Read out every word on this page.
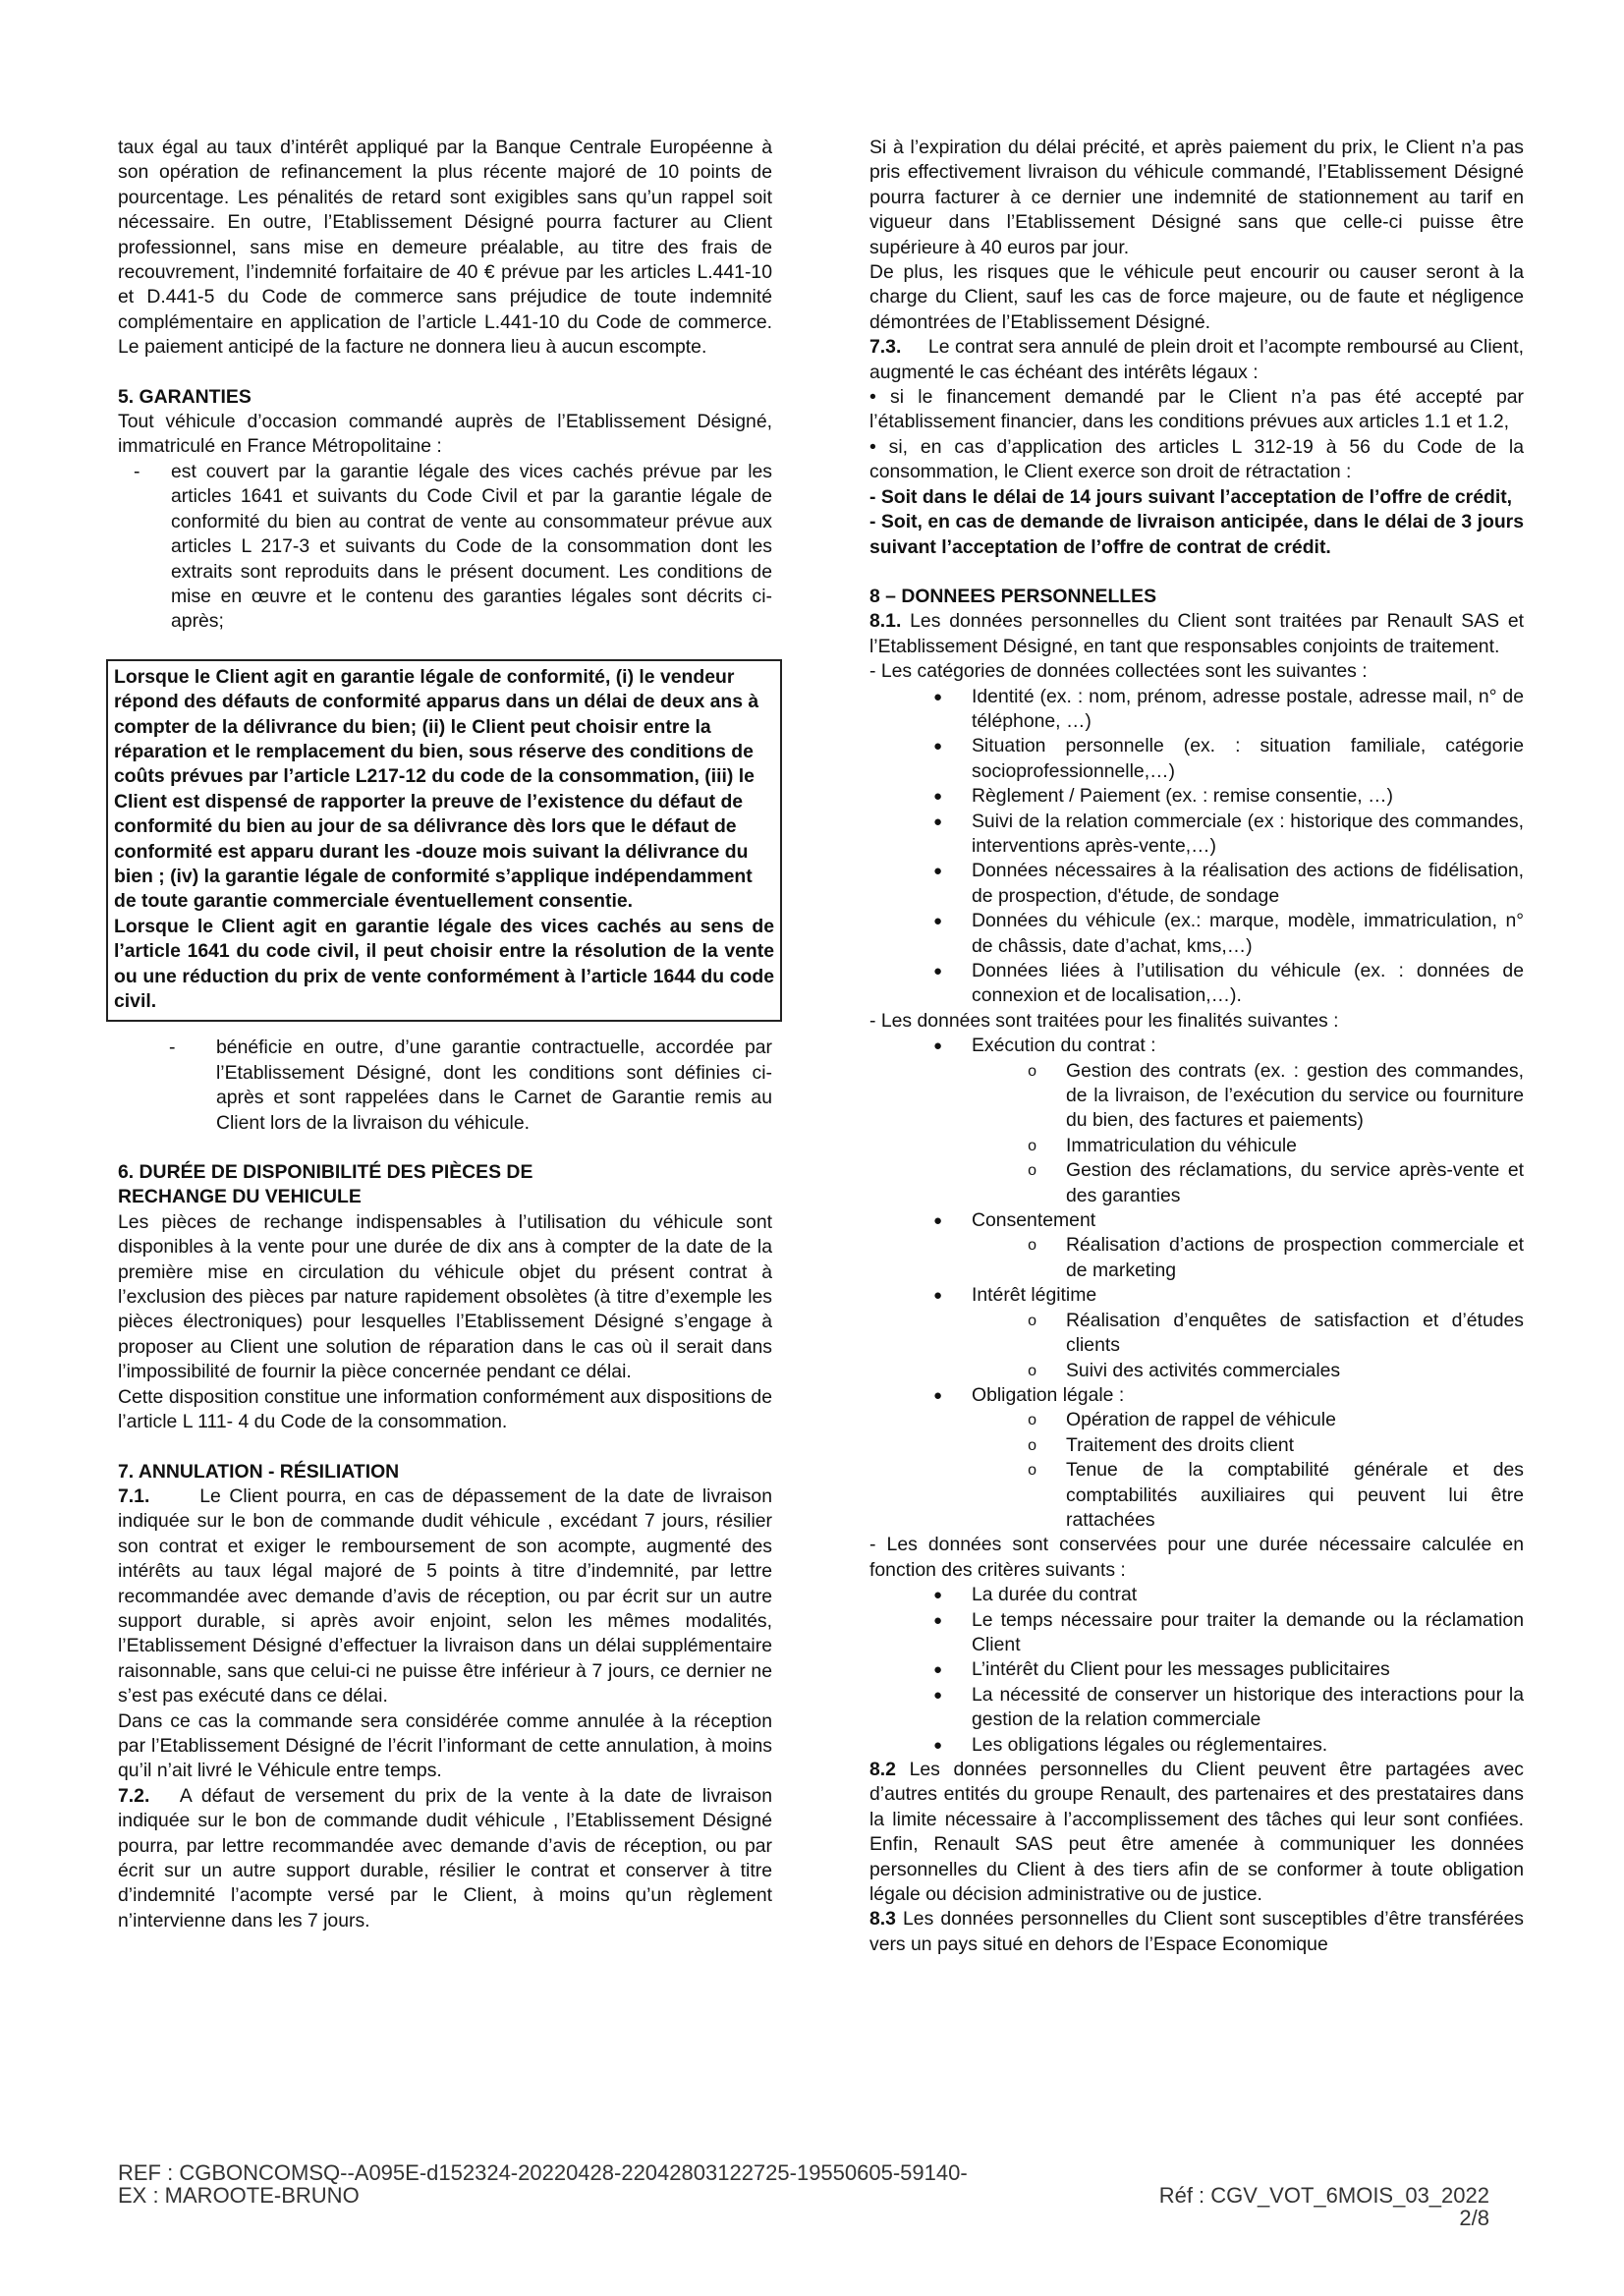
taux égal au taux d’intérêt appliqué par la Banque Centrale Européenne à son opération de refinancement la plus récente majoré de 10 points de pourcentage. Les pénalités de retard sont exigibles sans qu’un rappel soit nécessaire. En outre, l’Etablissement Désigné pourra facturer au Client professionnel, sans mise en demeure préalable, au titre des frais de recouvrement, l’indemnité forfaitaire de 40 € prévue par les articles L.441-10 et D.441-5 du Code de commerce sans préjudice de toute indemnité complémentaire en application de l’article L.441-10 du Code de commerce. Le paiement anticipé de la facture ne donnera lieu à aucun escompte.

5. GARANTIES

Tout véhicule d’occasion commandé auprès de l’Etablissement Désigné, immatriculé en France Métropolitaine :

-	est couvert par la garantie légale des vices cachés prévue par les articles 1641 et suivants du Code Civil et par la garantie légale de conformité du bien au contrat de vente au consommateur prévue aux articles L 217-3 et suivants du Code de la consommation dont les extraits sont reproduits dans le présent document. Les conditions de mise en œuvre et le contenu des garanties légales sont décrits ci-après;

Lorsque le Client agit en garantie légale de conformité, (i) le vendeur répond des défauts de conformité apparus dans un délai de deux ans à compter de la délivrance du bien; (ii) le Client peut choisir entre la réparation et le remplacement du bien, sous réserve des conditions de coûts prévues par l’article L217-12 du code de la consommation, (iii) le Client est dispensé de rapporter la preuve de l’existence du défaut de conformité du bien au jour de sa délivrance dès lors que le défaut de conformité est apparu durant les -douze mois suivant la délivrance du bien ; (iv) la garantie légale de conformité s’applique indépendamment de toute garantie commerciale éventuellement consentie.

Lorsque le Client agit en garantie légale des vices cachés au sens de l’article 1641 du code civil, il peut choisir entre la résolution de la vente ou une réduction du prix de vente conformément à l’article 1644 du code civil.

-	bénéficie en outre, d’une garantie contractuelle, accordée par l’Etablissement Désigné, dont les conditions sont définies ci-après et sont rappelées dans le Carnet de Garantie remis au Client lors de la livraison du véhicule.

6. DURÉE DE DISPONIBILITÉ DES PIÈCES DE

RECHANGE DU VEHICULE

Les pièces de rechange indispensables à l’utilisation du véhicule sont disponibles à la vente pour une durée de dix ans à compter de la date de la première mise en circulation du véhicule objet du présent contrat à l’exclusion des pièces par nature rapidement obsolètes (à titre d’exemple les pièces électroniques) pour lesquelles l’Etablissement Désigné s’engage à proposer au Client une solution de réparation dans le cas où il serait dans l’impossibilité de fournir la pièce concernée pendant ce délai.

Cette disposition constitue une information conformément aux dispositions de l’article L 111- 4 du Code de la consommation.

7. ANNULATION - RÉSILIATION

7.1.	Le Client pourra, en cas de dépassement de la date de livraison indiquée sur le bon de commande dudit véhicule , excédant 7 jours, résilier son contrat et exiger le remboursement de son acompte, augmenté des intérêts au taux légal majoré de 5 points à titre d’indemnité, par lettre recommandée avec demande d’avis de réception, ou par écrit sur un autre support durable, si après avoir enjoint, selon les mêmes modalités, l’Etablissement Désigné d’effectuer la livraison dans un délai supplémentaire raisonnable, sans que celui-ci ne puisse être inférieur à 7 jours, ce dernier ne s’est pas exécuté dans ce délai.

Dans ce cas la commande sera considérée comme annulée à la réception par l’Etablissement Désigné de l’écrit l’informant de cette annulation, à moins qu’il n’ait livré le Véhicule entre temps.

7.2. A défaut de versement du prix de la vente à la date de livraison indiquée sur le bon de commande dudit véhicule , l’Etablissement Désigné pourra, par lettre recommandée avec demande d’avis de réception, ou par écrit sur un autre support durable, résilier le contrat et conserver à titre d’indemnité l’acompte versé par le Client, à moins qu’un règlement n’intervienne dans les 7 jours.

Si à l’expiration du délai précité, et après paiement du prix, le Client n’a pas pris effectivement livraison du véhicule commandé, l’Etablissement Désigné pourra facturer à ce dernier une indemnité de stationnement au tarif en vigueur dans l’Etablissement Désigné sans que celle-ci puisse être supérieure à 40 euros par jour.

De plus, les risques que le véhicule peut encourir ou causer seront à la charge du Client, sauf les cas de force majeure, ou de faute et négligence démontrées de l’Etablissement Désigné.

7.3. Le contrat sera annulé de plein droit et l’acompte remboursé au Client, augmenté le cas échéant des intérêts légaux :

• si le financement demandé par le Client n’a pas été accepté par l’établissement financier, dans les conditions prévues aux articles 1.1 et 1.2,

• si, en cas d’application des articles L 312-19 à 56 du Code de la consommation, le Client exerce son droit de rétractation :

- Soit dans le délai de 14 jours suivant l’acceptation de l’offre de crédit,

- Soit, en cas de demande de livraison anticipée, dans le délai de 3 jours suivant l’acceptation de l’offre de contrat de crédit.

8 – DONNEES PERSONNELLES

8.1. Les données personnelles du Client sont traitées par Renault SAS et l’Etablissement Désigné, en tant que responsables conjoints de traitement.

- Les catégories de données collectées sont les suivantes :

●	Identité (ex. : nom, prénom, adresse postale, adresse mail, n° de téléphone, …)
●	Situation personnelle (ex. : situation familiale, catégorie socioprofessionnelle,…)
●	Règlement / Paiement (ex. : remise consentie, …)
●	Suivi de la relation commerciale (ex : historique des commandes, interventions après-vente,…)
●	Données nécessaires à la réalisation des actions de fidélisation, de prospection, d'étude, de sondage
●	Données du véhicule (ex.: marque, modèle, immatriculation, n° de châssis, date d’achat, kms,…)
●	Données liées à l’utilisation du véhicule (ex. : données de connexion et de localisation,…).

- Les données sont traitées pour les finalités suivantes :

●	Exécution du contrat :
o	Gestion des contrats (ex. : gestion des commandes, de la livraison, de l’exécution du service ou fourniture du bien, des factures et paiements)
o	Immatriculation du véhicule
o	Gestion des réclamations, du service après-vente et des garanties
●	Consentement
o	Réalisation d’actions de prospection commerciale et de marketing
●	Intérêt légitime
o	Réalisation d’enquêtes de satisfaction et d’études clients
o	Suivi des activités commerciales
●	Obligation légale :
o	Opération de rappel de véhicule
o	Traitement des droits client
o	Tenue de la comptabilité générale et des comptabilités auxiliaires qui peuvent lui être rattachées

- Les données sont conservées pour une durée nécessaire calculée en fonction des critères suivants :

●	La durée du contrat
●	Le temps nécessaire pour traiter la demande ou la réclamation Client
●	L’intérêt du Client pour les messages publicitaires
●	La nécessité de conserver un historique des interactions pour la gestion de la relation commerciale
●	Les obligations légales ou réglementaires.

8.2 Les données personnelles du Client peuvent être partagées avec d’autres entités du groupe Renault, des partenaires et des prestataires dans la limite nécessaire à l’accomplissement des tâches qui leur sont confiées. Enfin, Renault SAS peut être amenée à communiquer les données personnelles du Client à des tiers afin de se conformer à toute obligation légale ou décision administrative ou de justice.

8.3 Les données personnelles du Client sont susceptibles d’être transférées vers un pays situé en dehors de l’Espace Economique

REF : CGBONCOMSQ--A095E-d152324-20220428-22042803122725-19550605-59140-
EX : MAROOTE-BRUNO	Réf : CGV_VOT_6MOIS_03_2022
2/8
